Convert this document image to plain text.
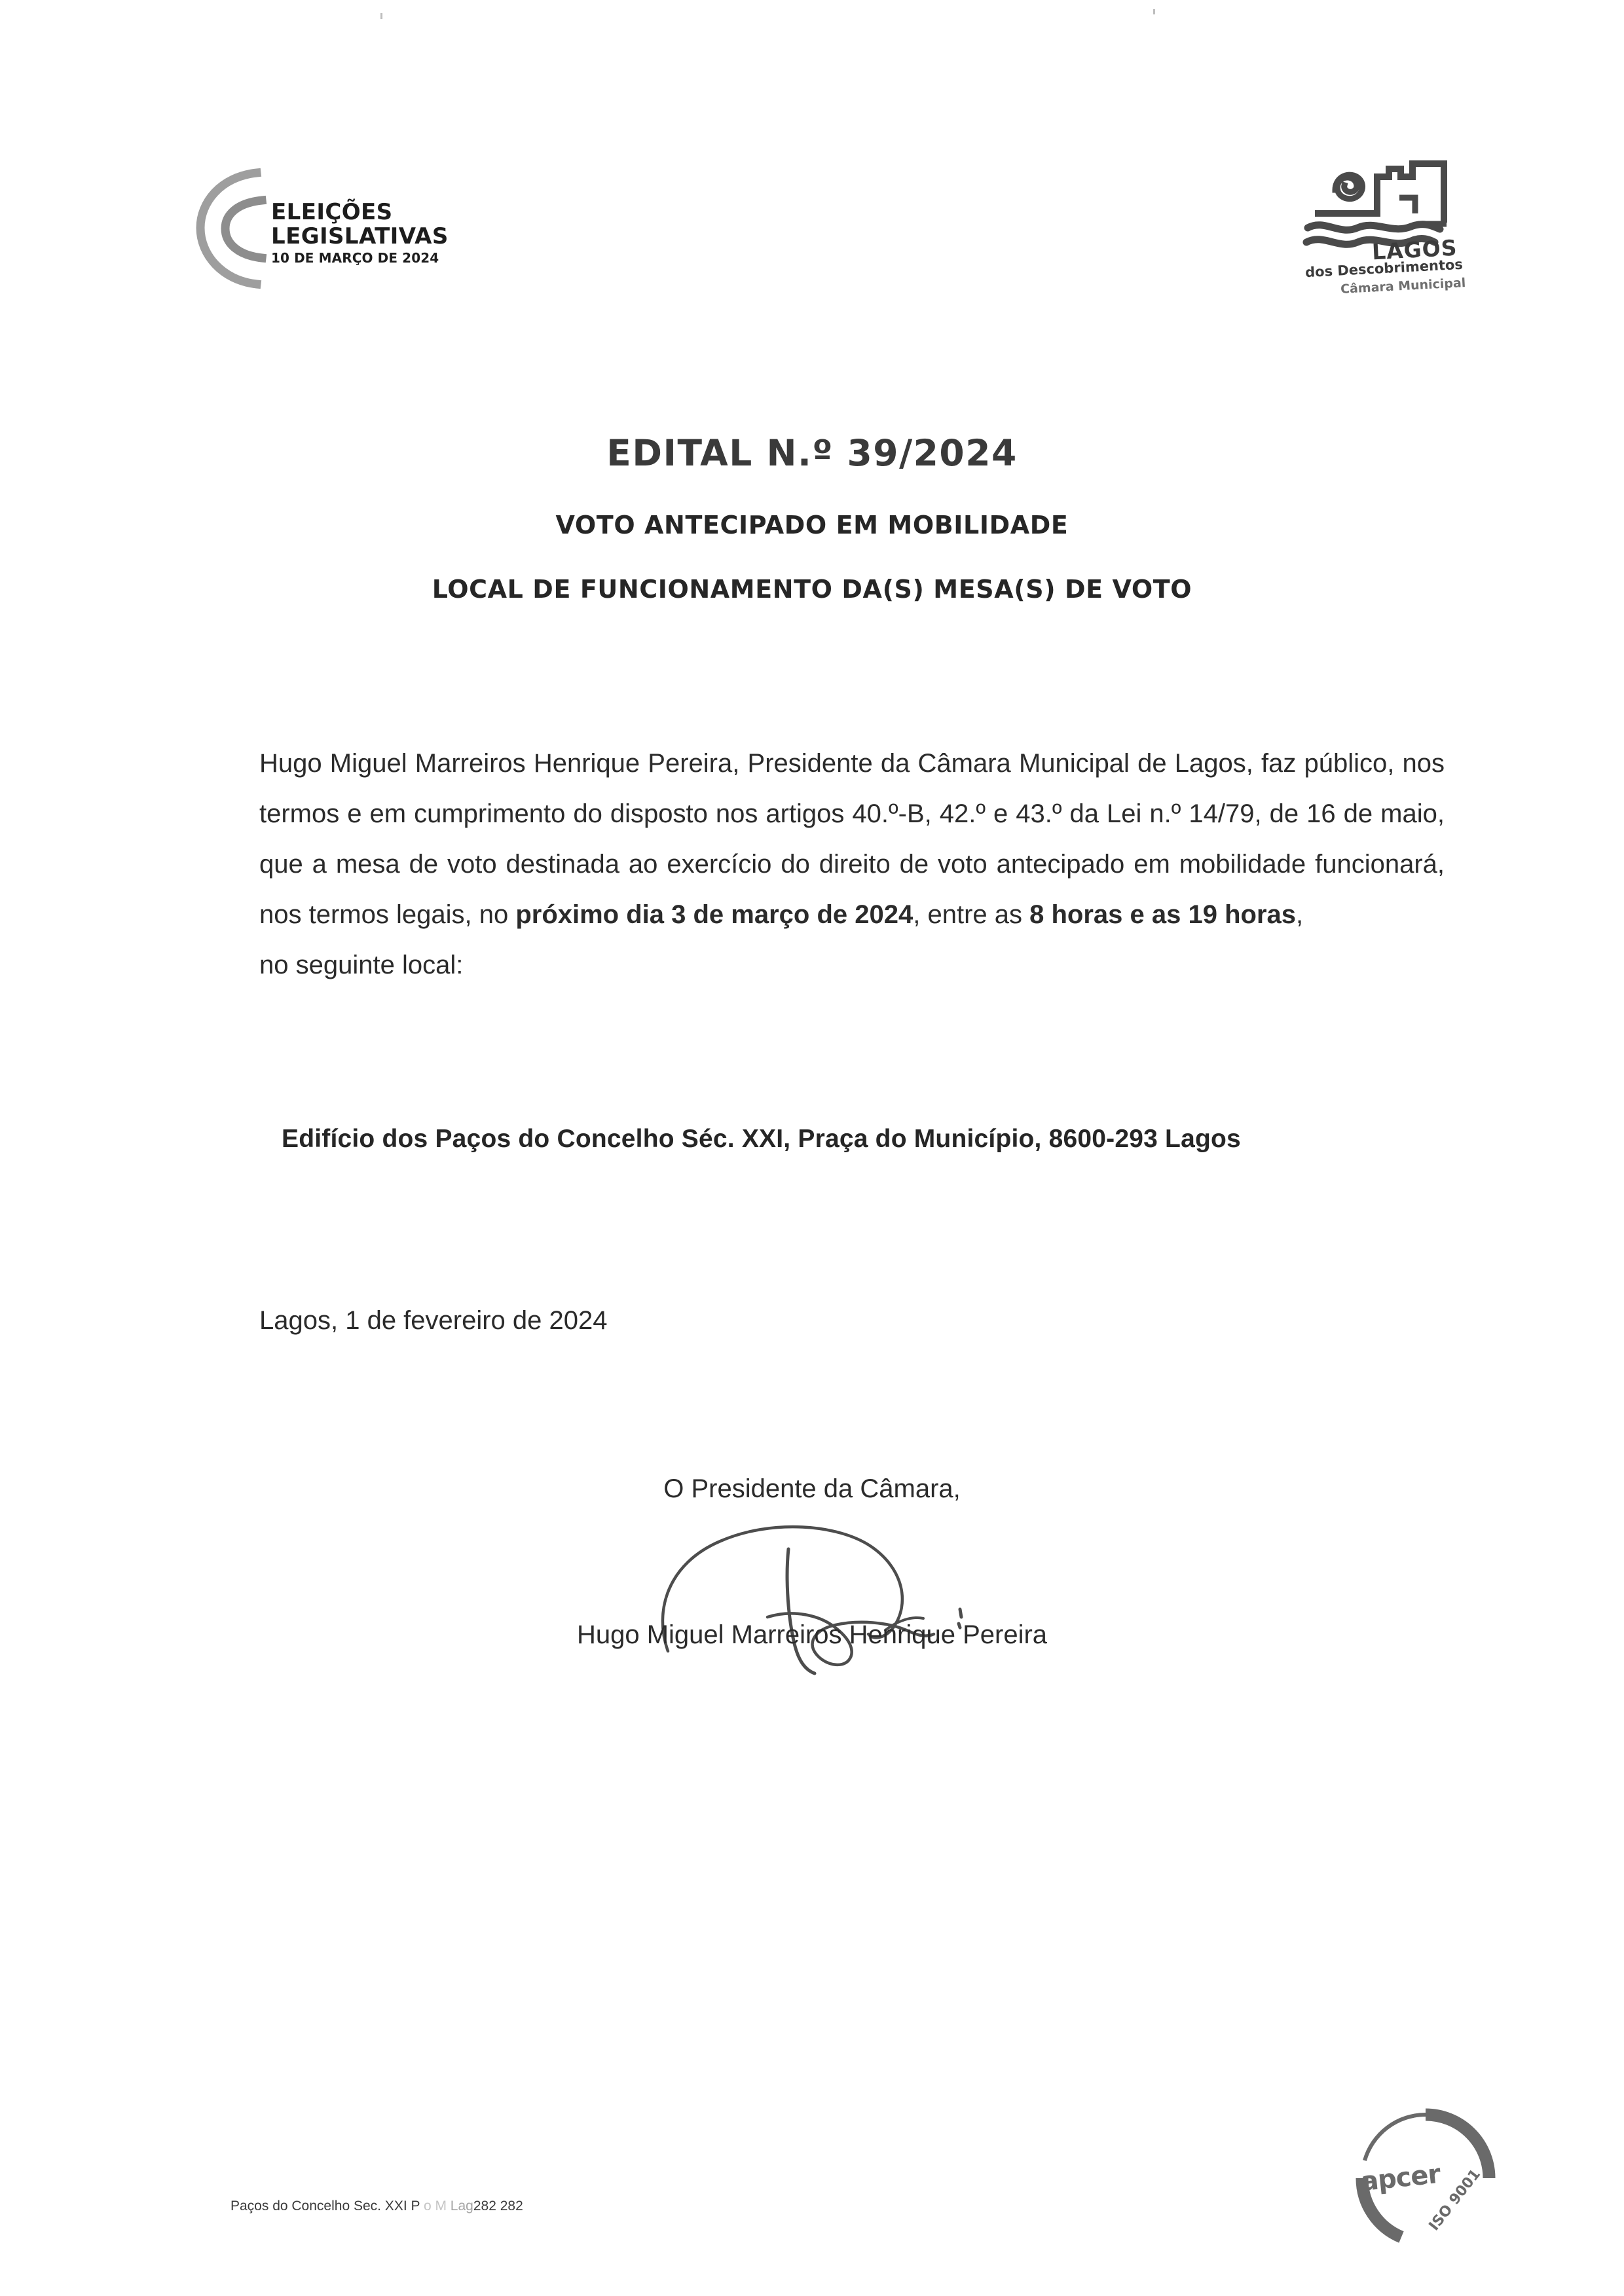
ELEIÇÕES
LEGISLATIVAS
10 DE MARÇO DE 2024	LAGOS
dos Descobrimentos
Câmara Municipal
EDITAL N.º 39/2024
VOTO ANTECIPADO EM MOBILIDADE
LOCAL DE FUNCIONAMENTO DA(S) MESA(S) DE VOTO
Hugo Miguel Marreiros Henrique Pereira, Presidente da Câmara Municipal de Lagos, faz público, nos termos e em cumprimento do disposto nos artigos 40.º-B, 42.º e 43.º da Lei n.º 14/79, de 16 de maio, que a mesa de voto destinada ao exercício do direito de voto antecipado em mobilidade funcionará, nos termos legais, no próximo dia 3 de março de 2024, entre as 8 horas e as 19 horas,
no seguinte local:
Edifício dos Paços do Concelho Séc. XXI, Praça do Município, 8600-293 Lagos
Lagos, 1 de fevereiro de 2024
O Presidente da Câmara,
Hugo Miguel Marreiros Henrique Pereira
apcer
ISO 9001
Paços do Concelho Sec. XXI P o M Lag282 282
